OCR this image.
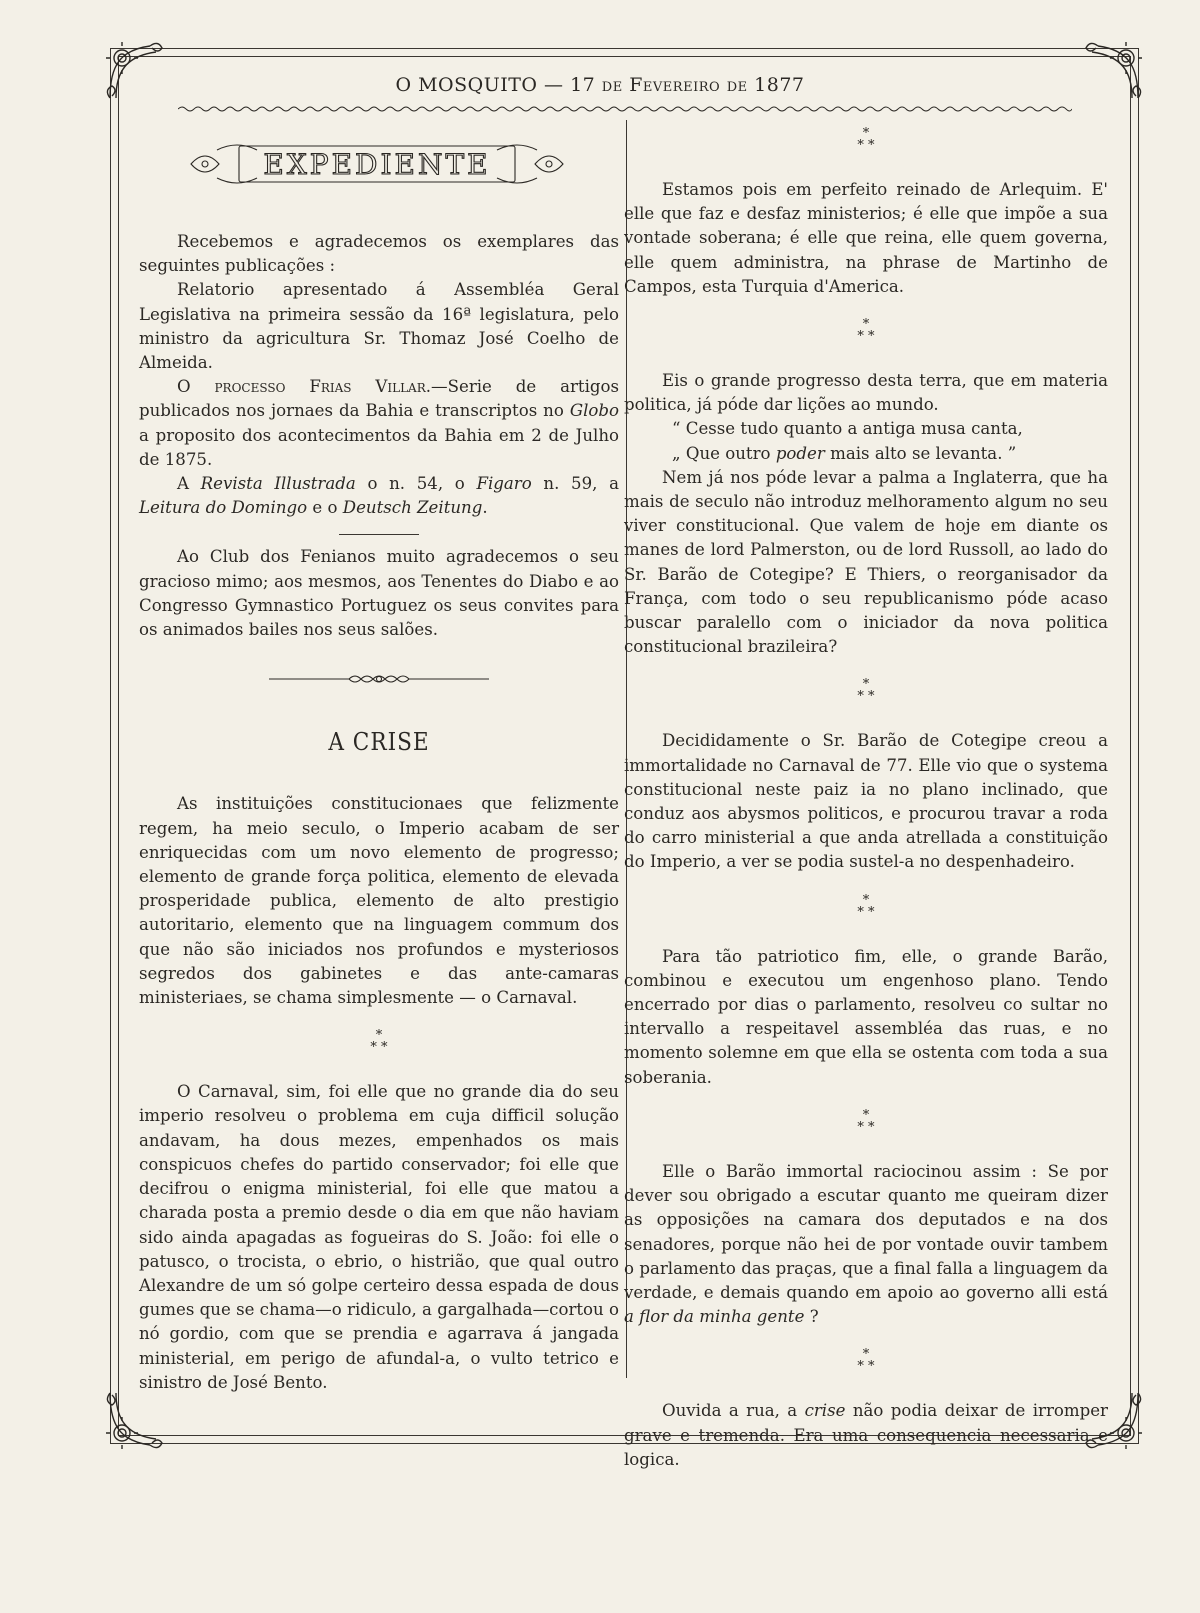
O MOSQUITO — 17 de Fevereiro de 1877
EXPEDIENTE

Recebemos e agradecemos os exemplares das seguintes publicações :

Relatorio apresentado á Assembléa Geral Legislativa na primeira sessão da 16ª legislatura, pelo ministro da agricultura Sr. Thomaz José Coelho de Almeida.

O processo Frias Villar.—Serie de artigos publicados nos jornaes da Bahia e transcriptos no Globo a proposito dos acontecimentos da Bahia em 2 de Julho de 1875.

A Revista Illustrada o n. 54, o Figaro n. 59, a Leitura do Domingo e o Deutsch Zeitung.

Ao Club dos Fenianos muito agradecemos o seu gracioso mimo; aos mesmos, aos Tenentes do Diabo e ao Congresso Gymnastico Portuguez os seus convites para os animados bailes nos seus salões.

A CRISE

As instituições constitucionaes que felizmente regem, ha meio seculo, o Imperio acabam de ser enriquecidas com um novo elemento de progresso; elemento de grande força politica, elemento de elevada prosperidade publica, elemento de alto prestigio autoritario, elemento que na linguagem commum dos que não são iniciados nos profundos e mysteriosos segredos dos gabinetes e das ante-camaras ministeriaes, se chama simplesmente — o Carnaval.

*
* *

O Carnaval, sim, foi elle que no grande dia do seu imperio resolveu o problema em cuja difficil solução andavam, ha dous mezes, empenhados os mais conspicuos chefes do partido conservador; foi elle que decifrou o enigma ministerial, foi elle que matou a charada posta a premio desde o dia em que não haviam sido ainda apagadas as fogueiras do S. João: foi elle o patusco, o trocista, o ebrio, o histrião, que qual outro Alexandre de um só golpe certeiro dessa espada de dous gumes que se chama—o ridiculo, a gargalhada—cortou o nó gordio, com que se prendia e agarrava á jangada ministerial, em perigo de afundal-a, o vulto tetrico e sinistro de José Bento.

*
* *

Estamos pois em perfeito reinado de Arlequim. E' elle que faz e desfaz ministerios; é elle que impõe a sua vontade soberana; é elle que reina, elle quem governa, elle quem administra, na phrase de Martinho de Campos, esta Turquia d'America.

*
* *

Eis o grande progresso desta terra, que em materia politica, já póde dar lições ao mundo.

“ Cesse tudo quanto a antiga musa canta,

„ Que outro poder mais alto se levanta. ”

Nem já nos póde levar a palma a Inglaterra, que ha mais de seculo não introduz melhoramento algum no seu viver constitucional. Que valem de hoje em diante os manes de lord Palmerston, ou de lord Russoll, ao lado do Sr. Barão de Cotegipe? E Thiers, o reorganisador da França, com todo o seu republicanismo póde acaso buscar paralello com o iniciador da nova politica constitucional brazileira?

*
* *

Decididamente o Sr. Barão de Cotegipe creou a immortalidade no Carnaval de 77. Elle vio que o systema constitucional neste paiz ia no plano inclinado, que conduz aos abysmos politicos, e procurou travar a roda do carro ministerial a que anda atrellada a constituição do Imperio, a ver se podia sustel-a no despenhadeiro.

*
* *

Para tão patriotico fim, elle, o grande Barão, combinou e executou um engenhoso plano. Tendo encerrado por dias o parlamento, resolveu co sultar no intervallo a respeitavel assembléa das ruas, e no momento solemne em que ella se ostenta com toda a sua soberania.

*
* *

Elle o Barão immortal raciocinou assim : Se por dever sou obrigado a escutar quanto me queiram dizer as opposições na camara dos deputados e na dos senadores, porque não hei de por vontade ouvir tambem o parlamento das praças, que a final falla a linguagem da verdade, e demais quando em apoio ao governo alli está a flor da minha gente ?

*
* *

Ouvida a rua, a crise não podia deixar de irromper grave e tremenda. Era uma consequencia necessaria e logica.
